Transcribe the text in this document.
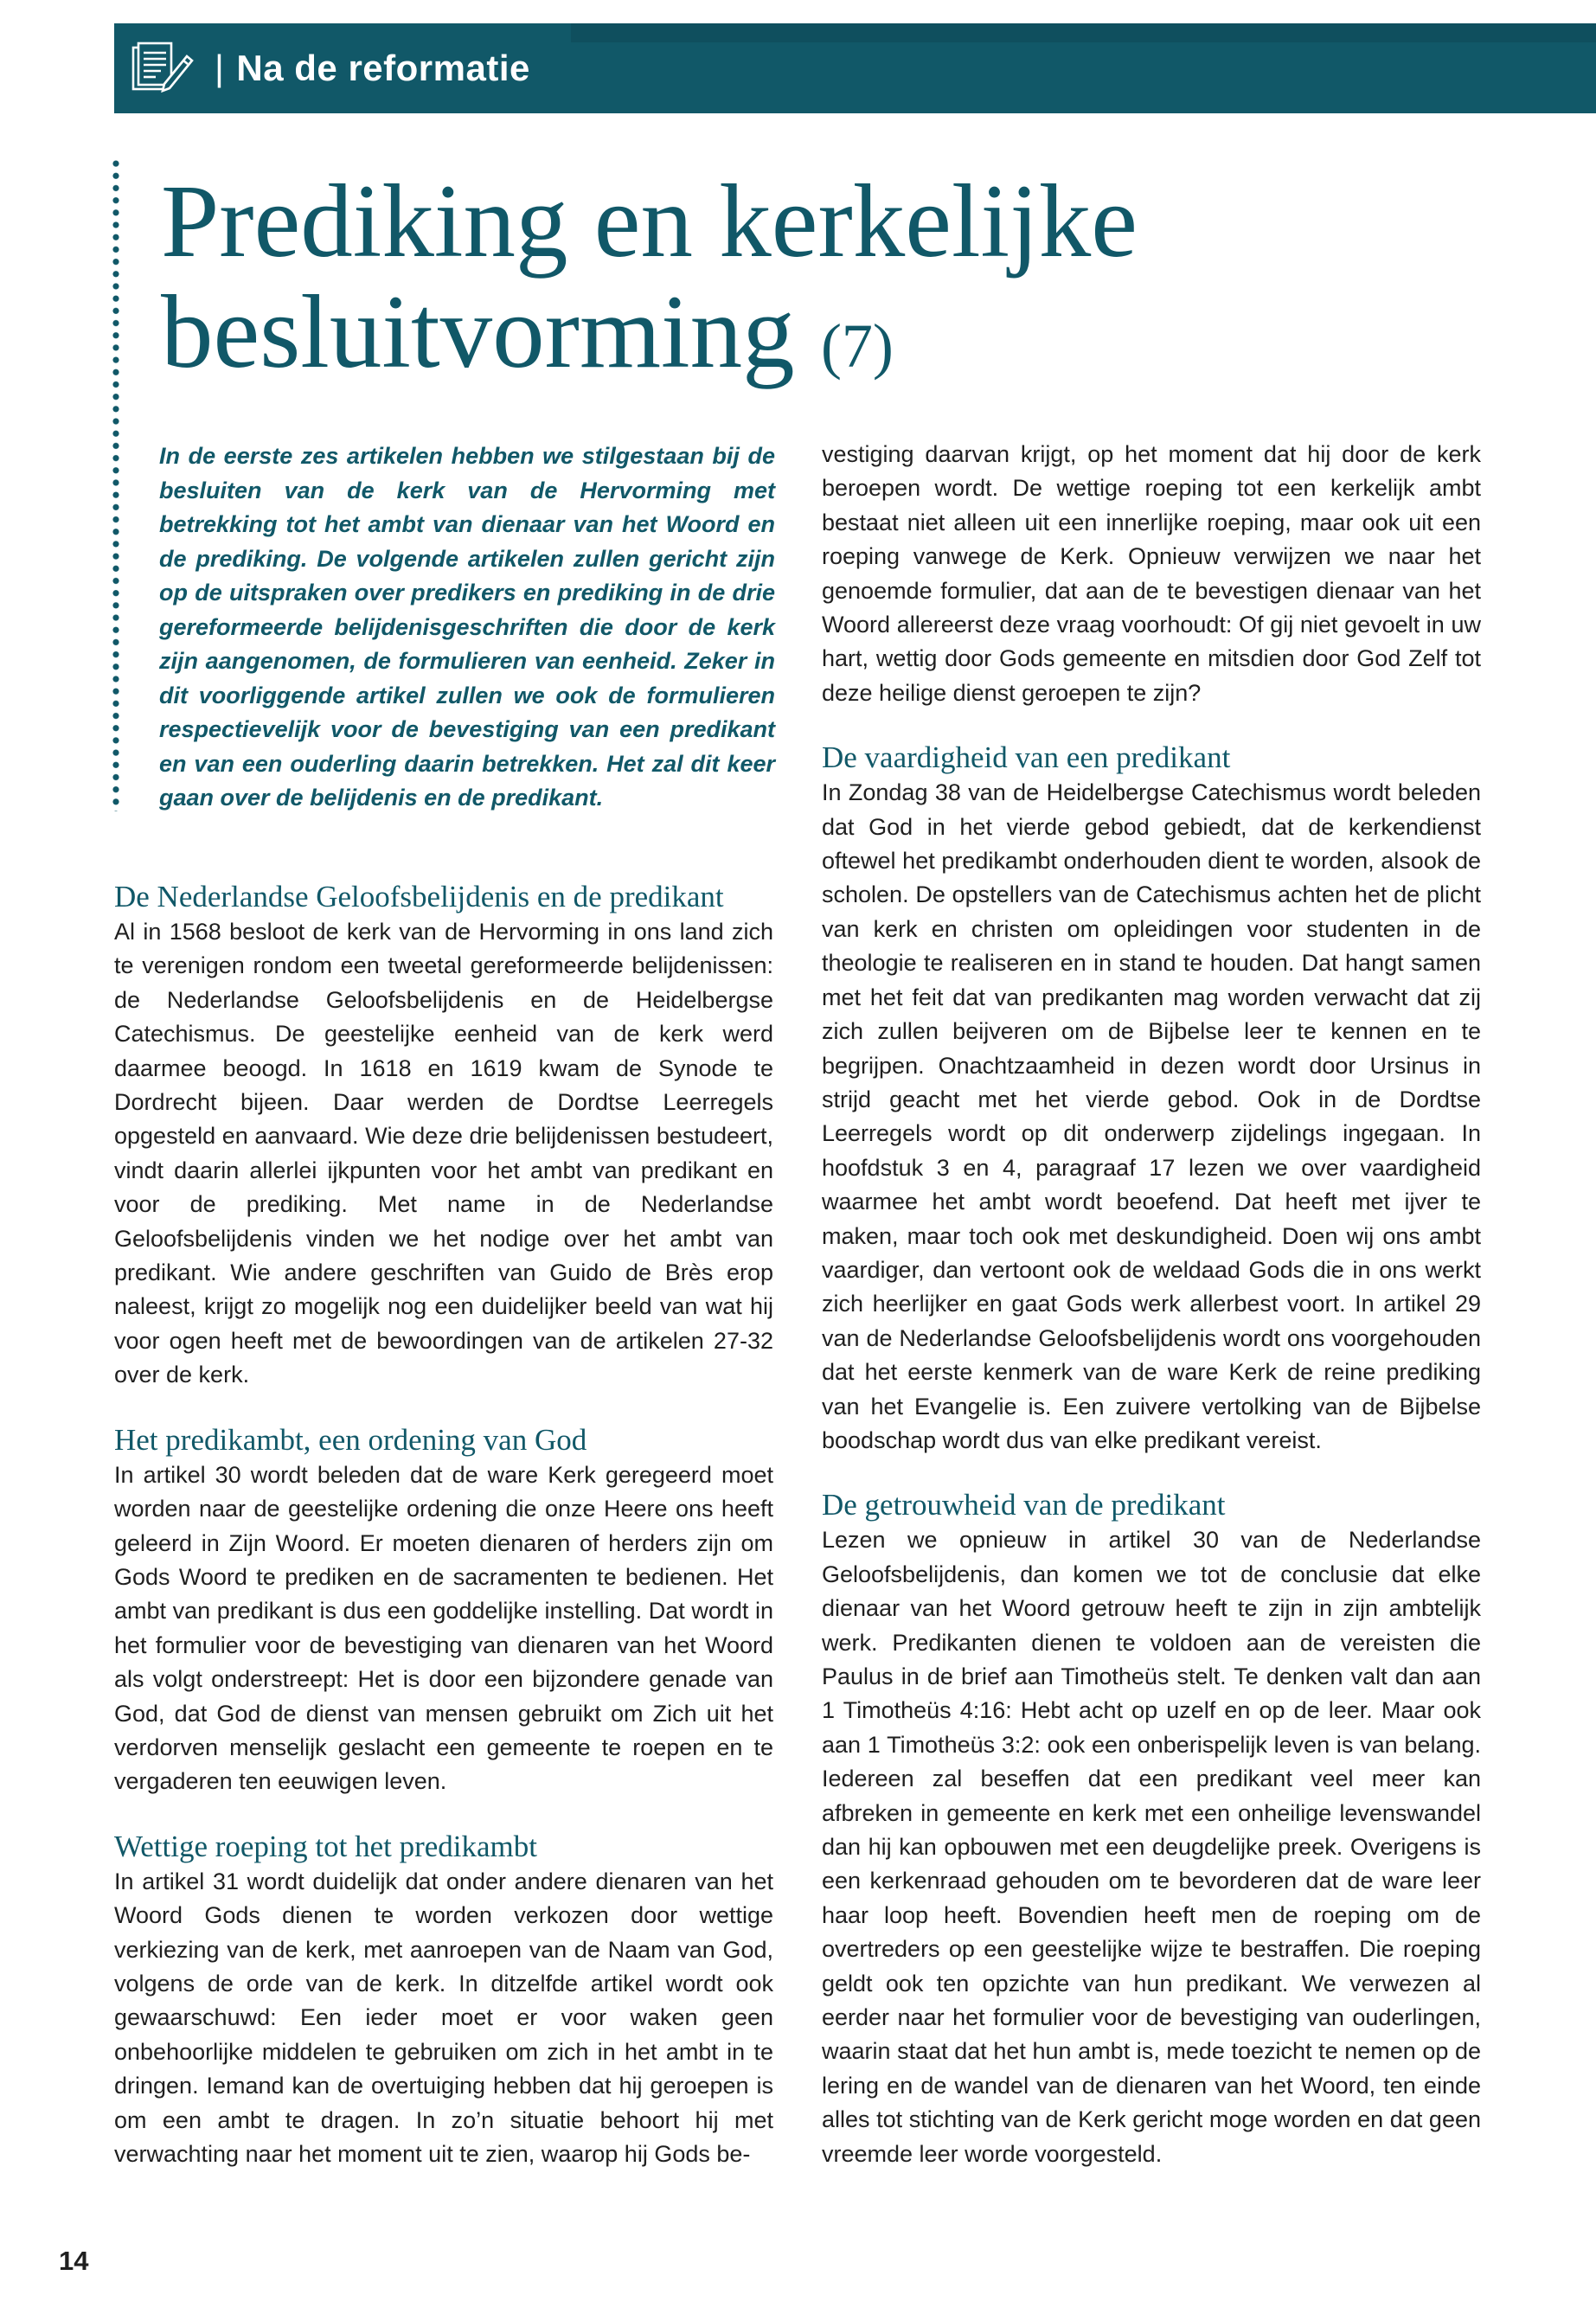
| Na de reformatie
Prediking en kerkelijke besluitvorming (7)

In de eerste zes artikelen hebben we stilgestaan bij de besluiten van de kerk van de Hervorming met betrekking tot het ambt van dienaar van het Woord en de prediking. De volgende artikelen zullen gericht zijn op de uitspraken over predikers en prediking in de drie gereformeerde belijdenisgeschriften die door de kerk zijn aangenomen, de formulieren van eenheid. Zeker in dit voorliggende artikel zullen we ook de formulieren respectievelijk voor de bevestiging van een predikant en van een ouderling daarin betrekken. Het zal dit keer gaan over de belijdenis en de predikant.

De Nederlandse Geloofsbelijdenis en de predikant

Al in 1568 besloot de kerk van de Hervorming in ons land zich te verenigen rondom een tweetal gereformeerde belijdenissen: de Nederlandse Geloofsbelijdenis en de Heidelbergse Catechismus. De geestelijke eenheid van de kerk werd daarmee beoogd. In 1618 en 1619 kwam de Synode te Dordrecht bijeen. Daar werden de Dordtse Leerregels opgesteld en aanvaard. Wie deze drie belijdenissen bestudeert, vindt daarin allerlei ijkpunten voor het ambt van predikant en voor de prediking. Met name in de Nederlandse Geloofsbelijdenis vinden we het nodige over het ambt van predikant. Wie andere geschriften van Guido de Brès erop naleest, krijgt zo mogelijk nog een duidelijker beeld van wat hij voor ogen heeft met de bewoordingen van de artikelen 27-32 over de kerk.

Het predikambt, een ordening van God

In artikel 30 wordt beleden dat de ware Kerk geregeerd moet worden naar de geestelijke ordening die onze Heere ons heeft geleerd in Zijn Woord. Er moeten dienaren of herders zijn om Gods Woord te prediken en de sacramenten te bedienen. Het ambt van predikant is dus een goddelijke instelling. Dat wordt in het formulier voor de bevestiging van dienaren van het Woord als volgt onderstreept: Het is door een bijzondere genade van God, dat God de dienst van mensen gebruikt om Zich uit het verdorven menselijk geslacht een gemeente te roepen en te vergaderen ten eeuwigen leven.

Wettige roeping tot het predikambt

In artikel 31 wordt duidelijk dat onder andere dienaren van het Woord Gods dienen te worden verkozen door wettige verkiezing van de kerk, met aanroepen van de Naam van God, volgens de orde van de kerk. In ditzelfde artikel wordt ook gewaarschuwd: Een ieder moet er voor waken geen onbehoorlijke middelen te gebruiken om zich in het ambt in te dringen. Iemand kan de overtuiging hebben dat hij geroepen is om een ambt te dragen. In zo’n situatie behoort hij met verwachting naar het moment uit te zien, waarop hij Gods be-

vestiging daarvan krijgt, op het moment dat hij door de kerk beroepen wordt. De wettige roeping tot een kerkelijk ambt bestaat niet alleen uit een innerlijke roeping, maar ook uit een roeping vanwege de Kerk. Opnieuw verwijzen we naar het genoemde formulier, dat aan de te bevestigen dienaar van het Woord allereerst deze vraag voorhoudt: Of gij niet gevoelt in uw hart, wettig door Gods gemeente en mitsdien door God Zelf tot deze heilige dienst geroepen te zijn?

De vaardigheid van een predikant

In Zondag 38 van de Heidelbergse Catechismus wordt beleden dat God in het vierde gebod gebiedt, dat de kerkendienst oftewel het predikambt onderhouden dient te worden, alsook de scholen. De opstellers van de Catechismus achten het de plicht van kerk en christen om opleidingen voor studenten in de theologie te realiseren en in stand te houden. Dat hangt samen met het feit dat van predikanten mag worden verwacht dat zij zich zullen beijveren om de Bijbelse leer te kennen en te begrijpen. Onachtzaamheid in dezen wordt door Ursinus in strijd geacht met het vierde gebod. Ook in de Dordtse Leerregels wordt op dit onderwerp zijdelings ingegaan. In hoofdstuk 3 en 4, paragraaf 17 lezen we over vaardigheid waarmee het ambt wordt beoefend. Dat heeft met ijver te maken, maar toch ook met deskundigheid. Doen wij ons ambt vaardiger, dan vertoont ook de weldaad Gods die in ons werkt zich heerlijker en gaat Gods werk allerbest voort. In artikel 29 van de Nederlandse Geloofsbelijdenis wordt ons voorgehouden dat het eerste kenmerk van de ware Kerk de reine prediking van het Evangelie is. Een zuivere vertolking van de Bijbelse boodschap wordt dus van elke predikant vereist.

De getrouwheid van de predikant

Lezen we opnieuw in artikel 30 van de Nederlandse Geloofsbelijdenis, dan komen we tot de conclusie dat elke dienaar van het Woord getrouw heeft te zijn in zijn ambtelijk werk. Predikanten dienen te voldoen aan de vereisten die Paulus in de brief aan Timotheüs stelt. Te denken valt dan aan 1 Timotheüs 4:16: Hebt acht op uzelf en op de leer. Maar ook aan 1 Timotheüs 3:2: ook een onberispelijk leven is van belang. Iedereen zal beseffen dat een predikant veel meer kan afbreken in gemeente en kerk met een onheilige levenswandel dan hij kan opbouwen met een deugdelijke preek. Overigens is een kerkenraad gehouden om te bevorderen dat de ware leer haar loop heeft. Bovendien heeft men de roeping om de overtreders op een geestelijke wijze te bestraffen. Die roeping geldt ook ten opzichte van hun predikant. We verwezen al eerder naar het formulier voor de bevestiging van ouderlingen, waarin staat dat het hun ambt is, mede toezicht te nemen op de lering en de wandel van de dienaren van het Woord, ten einde alles tot stichting van de Kerk gericht moge worden en dat geen vreemde leer worde voorgesteld.

14
